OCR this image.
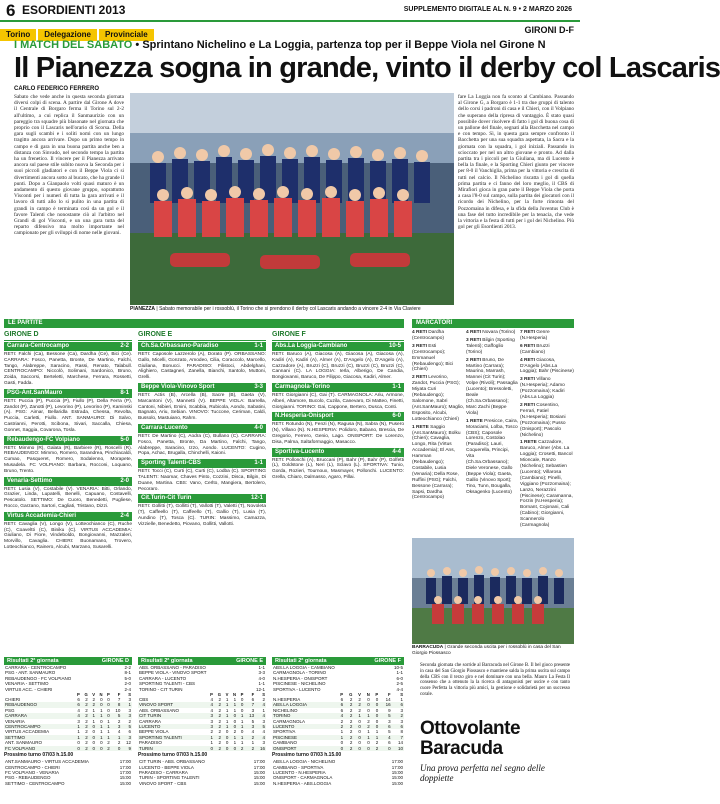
6 ESORDIENTI 2013	SUPPLEMENTO DIGITALE AL N. 9 • 2 MARZO 2026
Torino Delegazione Provinciale	GIRONI D-F
I MATCH DEL SABATO • Sprintano Nichelino e La Loggia, partenza top per il Beppe Viola nel Girone N
Il Pianezza sogna in grande, vinto il derby col Lascaris
CARLO FEDERICO FERRERO
Sabato che vede anche in questa seconda giornata diversi colpi di scena. A partire dal Girone A dove il Centrale di Borgaro ferma il Torino sul 2-2 all'ultimo, a cui replica il Sanmaurizio con un pareggio tra squadre più blasonate nel giornata che proprio con il Lascaris nell'orario di Scorsa. Della gara sugli scambi e i soliti nomi con un lungo tragitto ancora arrivare. Dopo un primo tempo in campo e di gara in una buona partita anche ben a distanza con Sinvado, nel secondo tempo la partita ha un frenetico. Il vincere per il Pianezza arrivato ancora sul paese stile subito nuova la Seconda per i suoi piccoli gladiatori e con il Beppe Viola ci si divertimenti ancora sotto al bucato, che ha grande il punti. Dopo a Gianpaolo volti quasi maturo è un andamento di questo giovane gruppo, soprattutto Visconti per i numeri di tutta la gara arrivati e il lavoro di tutti allo lo si pulito in una partita di grandi in campo è terminata così da un gol e il favore Talenti che nonostante ciò al l'arbitro nel Grandi di gol Visconti, e un una gara tutta del reparto difensivo ma molto importante nel campionato per gli sviluppi di nome nelle giovani.
fare La Loggia non fa sconto al Cambiano. Passando al Girone G, a Borgaro è 1-1 tra due gruppi di talento dello corsi i padroni di casa e il Chieri, con il Volpiano che superano della ripresa di vantaggio. È stato quasi possibile dover risolvere di fatto i gol di buona cosa di un pallone del finale, segnati alla Bacchetta nel campo e con tempo. Sì, in questa gara sempre confronto il Bacchetta per una sua squadra aspettata, la Sacra e la giornata con la squadra, i gol iniziali. Passando in scioccato per nel un altro giovane e pronto. Ad dalla partita tra i piccoli per la Giuliana, ma di Lucento è bella la finale, e la Sporting Chieri giunto per vincere per 8-0 il Vanchiglia, prima per la vittoria e crescita di tutti nel calcio. Il Nichelino riscatta i gol di quella prima partita e ci fanno del loro meglio, il CBS di Mirafiori gioca in gran parte il Beppe Viola che porta a casa l'8-0 sul campo, sulla partita dei giocatori con il ricordo dei Nichelino, per la forte rimonta del Pozzomaina in difesa, e la sfida della Juventus Club è una fase del tutto incredibile per la tenacia, che vede la vittoria e la festa di tutti per i gol dei Nichelino. Più gol per gli Esordienti 2013.
PIANEZZA | Sabato memorabile per i rossoblù, il Torino che si prendono il derby col Lascaris andando a vincere 2-4 in Via Claviere
LE PARTITE	MARCATORI
GIRONE D
Carrara-Centrocampo	2-2
RETI: Falchi (Ca), Bessone (Ca), Dardha (Ce), Bici (Ce). CARRARA: Fosco, Panetta, Bronte, De Martino, Falchi, Tango, Alabreppe, Saracino, Rassi, Renato, Talabull. CENTROCAMPO: Niccolò, Solimani, Sardonico, Bruno, Zoida, Saccorsi, Berteletti, Marchese, Ferrara, Rossetti, Gasti, Fadda.
PSG-Ant.SanMauro	8-1
RETI: Puccia (P), Puccia (P), Fiullo (P), Della Ferra (P), Zandot (P), Zanotti (P), Levorino (P), Levorino (P), Kaminski (A). PSG: Aimar, Bellaridla Estrada, Chessa, Revolta, Puccia, Carletti, Fiullo. ANT. SANMAURO: Di Salvo, Castrianni, Perotti, Scibona, Sivari, Saccalla, Chiesa, Gonnet, Saggia, Covarona, Tosla.
Rebaudengo-FC Volpiano	5-0
RETI: Mimmo (R), Galata (R), Barbiere (R), Roscelli (R). REBAUDENGO: Mimmo, Romero, Sarandrea, Pinchiacaldi, Cumao, Pasqueret, Romero, Sodalenno, Morapete, Musadela. FC VOLPIANO: Barbara, Rocconi, Loquano, Bruno, Trento.
Venaria-Settimo	2-0
RETI: Lusia (V), Costabile (V). VENARIA: Bitti, Orlando, Grazier, Linda, Lupatelli, Benelli, Capuano, Costavelli, Pescatolo. SETTIMO: De Cuoro, Benedetti, Pugliese, Rocco, Garzano, Sartori, Cagliati, Tristano, Dizzi.
Virtus Accademia-Chieri	2-4
RETI: Cavaglia (V), Longo (V), Lotteochianco (C), Ruche (C), Coaveltti (C), Biniku (C). VIRTUS ACCADEMIA: Giuliano, Di Fiore, Vindeboldo, Bongiovanni, Mazzaleri, Morvillo, Cavaglia. CHIERI: Buonamano, Trovero, Lotteochianco, Rainero, Alcubi, Marzano, Susarelli.
GIRONE E
Ch.Sa.Orbassano-Paradiso	1-1
RETI: Caposole Lazzerolo (A), Dorato (P). ORBASSANO: Gallo, Micelli, Gonzato, Amodeo, Cilia, Coraccolo, Marcello, Giuliana, Bonucci. PARADISO: Filistoci, Abdelghani, Alighiero, Castagneri, Zanella, Bianchi, Santolo, Muttoni, Grelli.
Beppe Viola-Vinovo Sport	3-3
RETI: Actis (B), Arcella (B), Sacre (B), Gaeta (V), Marcantoni (V), Mannetti (V). BEPPE VIOLA: Barrella, Cantoni, Nibieri, Emini, Scabbia, Rubicola, Aondo, Sabatini, Bagnato, Ariu, Sebian. VINOVO: Tuccone, Ceriman, Caldi, Bussolo, Mastuiano, Rahm.
Carrara-Lucento	4-0
RETI: De Martino (C), Aodra (C), Bullano (C). CARRARA: Fosco, Panetta, Bronte, Da Martino, Falchi, Tango, Alabreppe, Saracino, Izzo, Aondo. LUCENTO: Cugino, Popa, Achac, Brugalla, Chinchelli, Kaioni.
Sporting Talenti-CBS	1-1
RETI: Tocci (C), Curti (C), Curti (C), Lodba (C). SPORTING TALENTI: Naomar, Chaves Pinto, Cozzini, Disca, Bilgin, Di Duane, Martina. CBS: Vano, Cerlto, Mangiera, Bertolero, Pecoraro.
Cit.Turin-Cit Turin	12-1
RETI: Gollitti (T), Gollitti (T), Vallotti (T), Valetti (T), Novoleta (T), Caffeello (T), Caffeello (T), Gallio (T), Lusia (T), Aundino (T), Tosca (C). TURIN: Massimo, Camazza, Vizzielle, Benedetto, Piovano, Gollitti, Vallotti.
GIRONE F
Abs.La Loggia-Cambiano	10-5
RETI: Baruco (A), Giacosa (A), Giacosa (A), Giacosa (A), Kadiri (A), Kadiri (A), Almer (A), D'Angelo (A), D'Angelo (A), Cazzadore (A), Bruzzi (C), Bruzzi (C), Bruzzi (C), Bruzzi (C), Cannani (C). LA LOGGIA: Ierla, Alberigo, De Candia, Bongiovanni, Baruco, De Filippo, Giacosa, Kadiri, Almer.
Carmagnola-Torino	1-1
RETI: Giorgianni (C), Gai (T). CARMAGNOLA: Ariu, Armone, Alberi, Altamore, Bucolo, Cuzila, Canevaro, Di Matteo, Finetti, Giorgianni. TORINO: Gai, Cappone, Bertero, Dusca, Conti.
N.Hesperia-Onisport	6-0
RETI: Rotundo (N), Fenzi (N), Ragusa (N), Sabra (N), Pusero (N), Villano (N). N.HESPERIA: Polidoro, Babano, Brescia, De Gregorio, Ferrero, Genio, Lago. ONISPORT: De Lorenzo, Disa, Palma, Saltaformaggio, Masacco.
Sportiva-Lucento	4-4
RETI: Pollonchi (A), Bruccani (P), Bahr (P), Bahr (P), Golfetti (L), Goldstone (L), Neri (L), Sclavo (L). SPORTIVA: Tunio, Gorda, Rozieri, Tournoux, Masmayer, Pollonchi. LUCENTO: Grella, Chiaro, Dalmasso, Agaro, Pillai.
4 RETI Dardha (Centrocampo)
3 RETI Esti (Centrocampo); Emmanuel (Rebaudengo); Bici (Chieri)
2 RETI Levorino, Zandot, Puccia (PSG); Miyata Curi (Rebaudengo); Salomone, Sabri (Ant.SanMauro); Maglio, Esposito, Alcubi, Lotteochianco (Chieri)
1 RETE Saggio (Ant.SanMauro); Bolku (Chieri); Cavaglia, Longo, Rita (Virtus Accademia); El Ans, Hamman (Rebaudengo); Costabile, Lusia (Venaria); Della Rose, Ruffini (PSG); Falchi, Bessone (Carrara); Sapsi, Dardha (Centrocampo)
4 RETI Novara (Torino)
3 RETI Bilgin (Sporting Talenti); Gaffoglio (Torino)
2 RETI Bruno, De Martino (Carrara); Maurino, Marrash, Mannei (Cit Turin); Volpe (Rivoli); Passaglia (Lucento); Bressoletti, Beale (Ch.Sa.Orbassano); Marc Zachi (Beppe Viola)
1 RETE Presicce, Caira, Moraciami, Lolba, Tosco (CBS); Caposole Lorenzo, Costolao (Paradiso); Lauri, Coquerella, Principi, Vita (Ch.Sa.Orbassano); Diele Veronese, Gallo (Beppe Viola); Gaeta, Gallio (Vinovo Sport); Tino, Tunn, Bougalla, Oksagenko (Lucento)
7 RETI Genre (N.Hesperia)
6 RETI Bruzzi (Cambiano)
4 RETI Giacosa, D'Angelo (Abs.La Loggia); Bahr (Piscinese)
3 RETI Villano (N.Hesperia); Adamo (Pozzomaina); Kadiri (Abs.La Loggia)
2 RETI Cosentino, Ferrari, Fatiel (N.Hesperia); Bosiani (Pozzomaina); Pusso (Onisport); Pascolo (Nichelino)
1 RETE Cazzadore, Baruco, Almer (Abs. La Loggia); Crosetti, Bancol Mioncale, Ranzo (Nichelino); Sebastien (Lucento); Villarosa (Cambiano); Pinelli, Viggiano (Pozzomaina); Lanzo, Nerazzini (Piscinese); Caramanna, Forzin (N.Hesperia); Bornant, Cojonani, Cali (Cabino); Giorgianni, Scannerolo (Carmagnola)
BARRACUDA | Grande seconda uscita per i rossoblù in casa del San Giorgio Piossasco
Risultati 2ª giornata	GIRONE D
CARRARA - CENTROCAMPO	2-2
PSG - ANT. SANMAURO	8-1
REBAUDENGO - FC VOLPIANO	5-0
VENARIA - SETTIMO	2-0
VIRTUS ACC. - CHIERI	2-4
	P	G	V	N	P	F	S
CHIERI	6	2	2	0	0	7	3
REBAUDENGO	6	2	2	0	0	8	1
PSG	4	2	1	1	0	10	3
CARRARA	4	2	1	1	0	5	3
VENARIA	3	2	1	0	1	2	2
CENTROCAMPO	1	2	0	1	1	3	5
VIRTUS ACCADEMIA	1	2	0	1	1	4	6
SETTIMO	1	2	0	1	1	1	3
ANT. SANMAURO	0	2	0	0	2	2	12
FC VOLPIANO	0	2	0	0	2	0	9
Prossimo turno 07/03 h.15.00
ANT.SANMAURO - VIRTUS ACCADEMIA	17:00
CENTROCAMPO - CHIERI	17:00
FC VOLPIANO - VENARIA	17:00
PSG - REBAUDENGO	15:00
SETTIMO - CENTROCAMPO	15:00
Risultati 2ª giornata	GIRONE E
ABS. ORBASSANO - PARADISO	1-1
BEPPE VIOLA - VINOVO SPORT	3-3
CARRARA - LUCENTO	4-0
SPORTING TALENTI - CBS	1-1
TORINO - CIT TURIN	12-1
	P	G	V	N	P	F	S
CBS	4	2	1	1	0	6	2
VINOVO SPORT	4	2	1	1	0	7	4
ABS. ORBASSANO	4	2	1	1	0	3	1
CIT TURIN	3	2	1	0	1	13	4
CARRARA	3	2	1	0	1	5	3
LUCENTO	3	2	1	0	1	3	5
BEPPE VIOLA	2	2	0	2	0	4	4
SPORTING TALENTI	1	2	0	1	1	2	4
PARADISO	1	2	0	1	1	1	3
TURIN	0	2	0	0	2	2	16
Prossimo turno 07/03 h.15.00
CIT TURIN - ABS. ORBASSANO	17:00
LUCENTO - BEPPE VIOLA	17:00
PARADISO - CARRARA	15:00
TURIN - SPORTING TALENTI	15:00
VINOVO SPORT - CBS	15:00
Risultati 2ª giornata	GIRONE F
ABS.LA LOGGIA - CAMBIANO	10-5
CARMAGNOLA - TORINO	1-1
N.HESPERIA - ONISPORT	6-0
PISCINESE - NICHELINO	2-5
SPORTIVA - LUCENTO	4-4
	P	G	V	N	P	F	S
N.HESPERIA	6	2	2	0	0	14	1
ABS.LA LOGGIA	6	2	2	0	0	16	6
NICHELINO	6	2	2	0	0	9	3
TORINO	4	2	1	1	0	5	2
CARMAGNOLA	2	2	0	2	0	3	3
LUCENTO	2	2	0	2	0	6	6
SPORTIVA	1	2	0	1	1	5	8
PISCINESE	1	2	0	1	1	4	7
CAMBIANO	0	2	0	0	2	6	14
ONISPORT	0	2	0	0	2	0	10
Prossimo turno 07/03 h.15.00
ABS.LA LOGGIA - NICHELINO	17:00
CAMBIANO - SPORTIVA	17:00
LUCENTO - N.HESPERIA	15:00
ONISPORT - CARMAGNOLA	15:00
N.HESPERIA - ABS.LOGGIA	15:00
Seconda giornata che sorride al Barracuda nel Girone B. Il bel gioco presente in casa del San Giorgio Piossasco e mantiene salda la prima uscita sul campo della CBS con il terzo giro e nel dominare con una bella. Mauro La Festa Il consenso che a ottenuto la la ricerca di antagonisti per uscire e con tanto cuore Perfetta la vittoria più amici, la gestione e solidarietà per un successo corale.
Ottovolante
Baracuda
Una prova perfetta nel segno delle doppiette
